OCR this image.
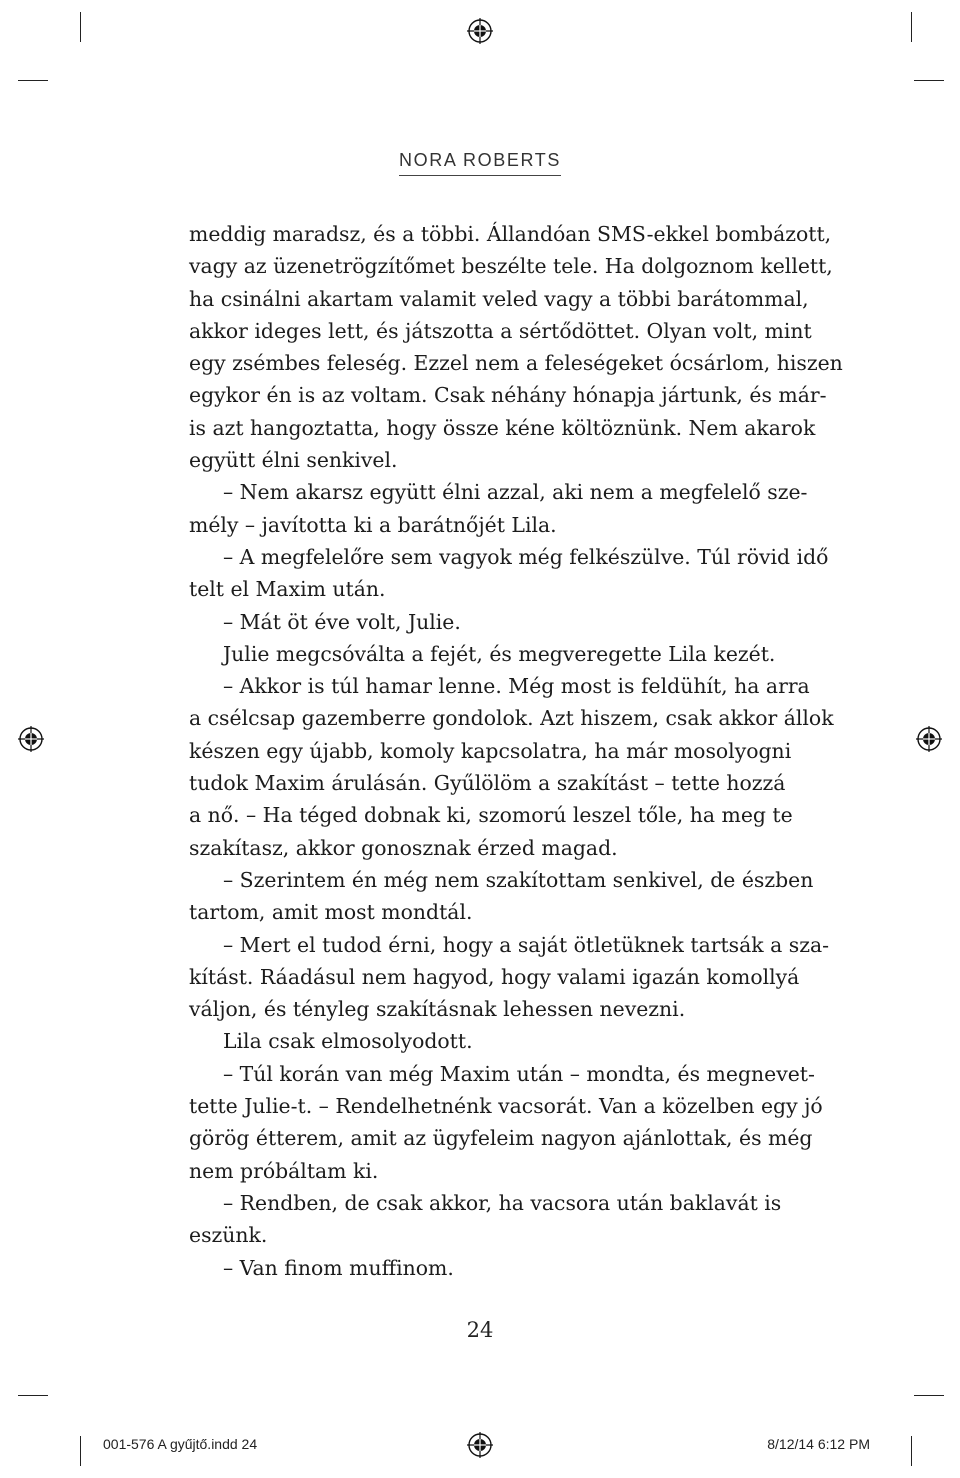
NORA ROBERTS
meddig maradsz, és a többi. Állandóan SMS-ekkel bombázott,
vagy az üzenetrögzítőmet beszélte tele. Ha dolgoznom kellett,
ha csinálni akartam valamit veled vagy a többi barátommal,
akkor ideges lett, és játszotta a sértődöttet. Olyan volt, mint
egy zsémbes feleség. Ezzel nem a feleségeket ócsárlom, hiszen
egykor én is az voltam. Csak néhány hónapja jártunk, és már-
is azt hangoztatta, hogy össze kéne költöznünk. Nem akarok
együtt élni senkivel.
– Nem akarsz együtt élni azzal, aki nem a megfelelő sze-
mély – javította ki a barátnőjét Lila.
– A megfelelőre sem vagyok még felkészülve. Túl rövid idő
telt el Maxim után.
– Mát öt éve volt, Julie.
Julie megcsóválta a fejét, és megveregette Lila kezét.
– Akkor is túl hamar lenne. Még most is feldühít, ha arra
a csélcsap gazemberre gondolok. Azt hiszem, csak akkor állok
készen egy újabb, komoly kapcsolatra, ha már mosolyogni
tudok Maxim árulásán. Gyűlölöm a szakítást – tette hozzá
a nő. – Ha téged dobnak ki, szomorú leszel tőle, ha meg te
szakítasz, akkor gonosznak érzed magad.
– Szerintem én még nem szakítottam senkivel, de észben
tartom, amit most mondtál.
– Mert el tudod érni, hogy a saját ötletüknek tartsák a sza-
kítást. Ráadásul nem hagyod, hogy valami igazán komollyá
váljon, és tényleg szakításnak lehessen nevezni.
Lila csak elmosolyodott.
– Túl korán van még Maxim után – mondta, és megnevet-
tette Julie-t. – Rendelhetnénk vacsorát. Van a közelben egy jó
görög étterem, amit az ügyfeleim nagyon ajánlottak, és még
nem próbáltam ki.
– Rendben, de csak akkor, ha vacsora után baklavát is
eszünk.
– Van finom muffinom.
24
001-576 A gyűjtő.indd 24	8/12/14 6:12 PM
